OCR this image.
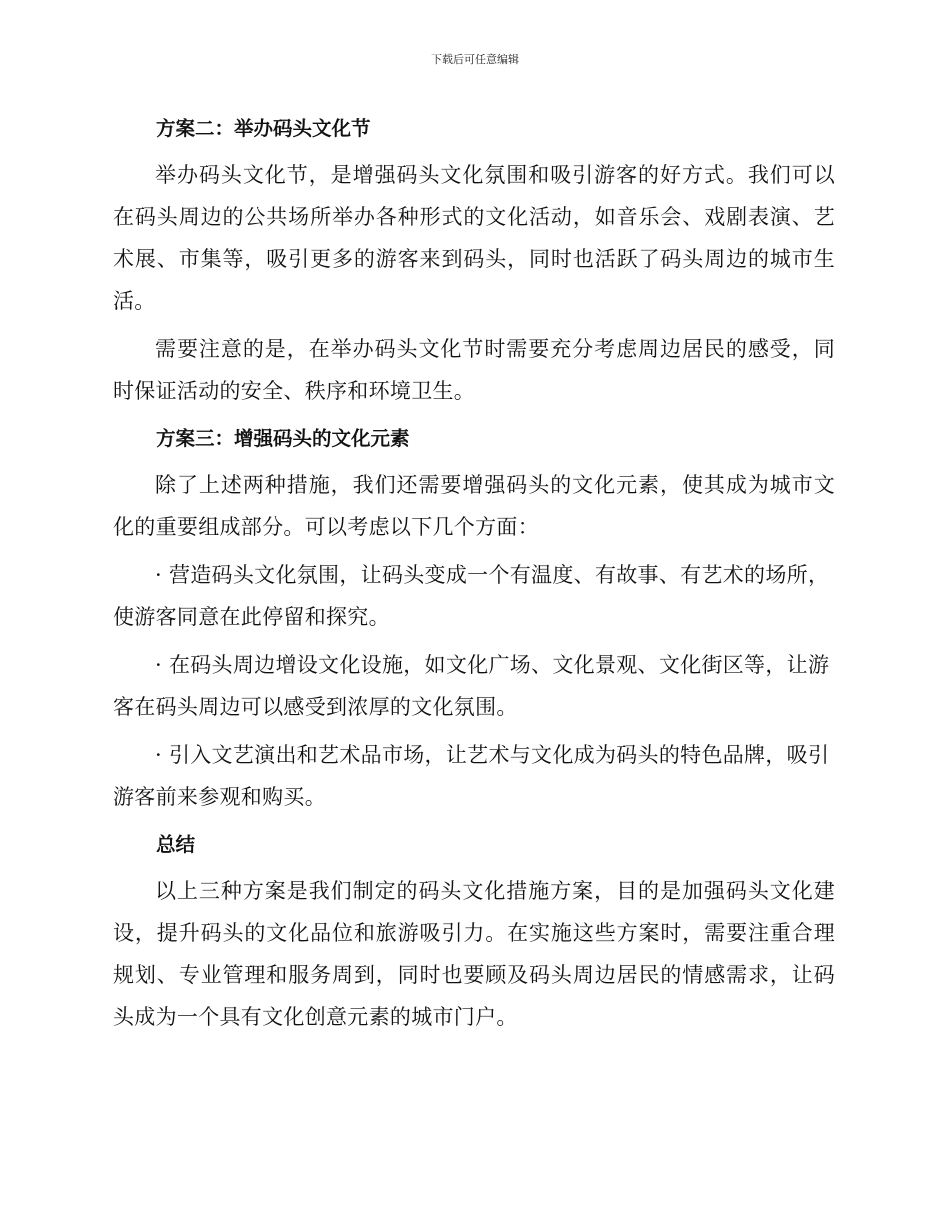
下载后可任意编辑
方案二：举办码头文化节

举办码头文化节，是增强码头文化氛围和吸引游客的好方式。我们可以在码头周边的公共场所举办各种形式的文化活动，如音乐会、戏剧表演、艺术展、市集等，吸引更多的游客来到码头，同时也活跃了码头周边的城市生活。

需要注意的是，在举办码头文化节时需要充分考虑周边居民的感受，同时保证活动的安全、秩序和环境卫生。

方案三：增强码头的文化元素

除了上述两种措施，我们还需要增强码头的文化元素，使其成为城市文化的重要组成部分。可以考虑以下几个方面：

· 营造码头文化氛围，让码头变成一个有温度、有故事、有艺术的场所，使游客同意在此停留和探究。

· 在码头周边增设文化设施，如文化广场、文化景观、文化街区等，让游客在码头周边可以感受到浓厚的文化氛围。

· 引入文艺演出和艺术品市场，让艺术与文化成为码头的特色品牌，吸引游客前来参观和购买。

总结

以上三种方案是我们制定的码头文化措施方案，目的是加强码头文化建设，提升码头的文化品位和旅游吸引力。在实施这些方案时，需要注重合理规划、专业管理和服务周到，同时也要顾及码头周边居民的情感需求，让码头成为一个具有文化创意元素的城市门户。
